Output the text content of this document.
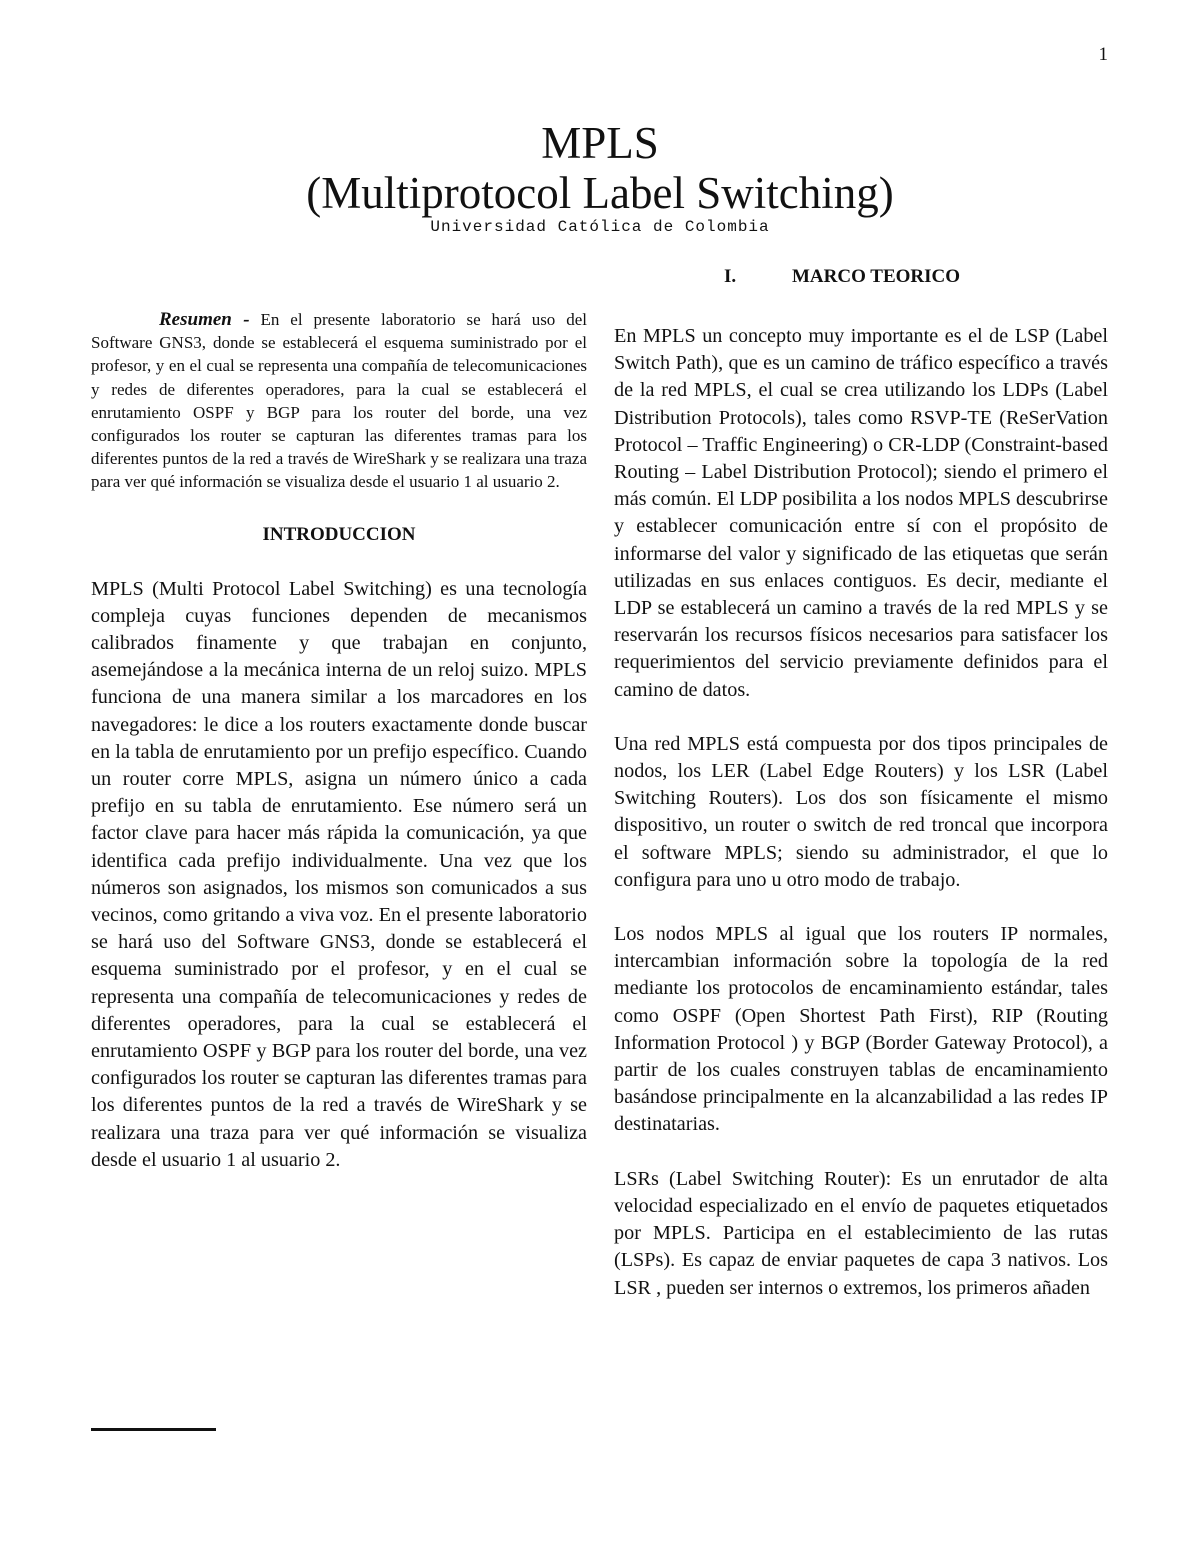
1
MPLS
(Multiprotocol Label Switching)
Universidad Católica de Colombia

Resumen - En el presente laboratorio se hará uso del Software GNS3, donde se establecerá el esquema suministrado por el profesor, y en el cual se representa una compañía de telecomunicaciones y redes de diferentes operadores, para la cual se establecerá el enrutamiento OSPF y BGP para los router del borde, una vez configurados los router se capturan las diferentes tramas para los diferentes puntos de la red a través de WireShark y se realizara una traza para ver qué información se visualiza desde el usuario 1 al usuario 2.

INTRODUCCION

MPLS (Multi Protocol Label Switching) es una tecnología compleja cuyas funciones dependen de mecanismos calibrados finamente y que trabajan en conjunto, asemejándose a la mecánica interna de un reloj suizo. MPLS funciona de una manera similar a los marcadores en los navegadores: le dice a los routers exactamente donde buscar en la tabla de enrutamiento por un prefijo específico. Cuando un router corre MPLS, asigna un número único a cada prefijo en su tabla de enrutamiento. Ese número será un factor clave para hacer más rápida la comunicación, ya que identifica cada prefijo individualmente. Una vez que los números son asignados, los mismos son comunicados a sus vecinos, como gritando a viva voz. En el presente laboratorio se hará uso del Software GNS3, donde se establecerá el esquema suministrado por el profesor, y en el cual se representa una compañía de telecomunicaciones y redes de diferentes operadores, para la cual se establecerá el enrutamiento OSPF y BGP para los router del borde, una vez configurados los router se capturan las diferentes tramas para los diferentes puntos de la red a través de WireShark y se realizara una traza para ver qué información se visualiza desde el usuario 1 al usuario 2.

I.	MARCO TEORICO

En MPLS un concepto muy importante es el de LSP (Label Switch Path), que es un camino de tráfico específico a través de la red MPLS, el cual se crea utilizando los LDPs (Label Distribution Protocols), tales como RSVP-TE (ReSerVation Protocol – Traffic Engineering) o CR-LDP (Constraint-based Routing – Label Distribution Protocol); siendo el primero el más común. El LDP posibilita a los nodos MPLS descubrirse y establecer comunicación entre sí con el propósito de informarse del valor y significado de las etiquetas que serán utilizadas en sus enlaces contiguos. Es decir, mediante el LDP se establecerá un camino a través de la red MPLS y se reservarán los recursos físicos necesarios para satisfacer los requerimientos del servicio previamente definidos para el camino de datos.

Una red MPLS está compuesta por dos tipos principales de nodos, los LER (Label Edge Routers) y los LSR (Label Switching Routers). Los dos son físicamente el mismo dispositivo, un router o switch de red troncal que incorpora el software MPLS; siendo su administrador, el que lo configura para uno u otro modo de trabajo.

Los nodos MPLS al igual que los routers IP normales, intercambian información sobre la topología de la red mediante los protocolos de encaminamiento estándar, tales como OSPF (Open Shortest Path First), RIP (Routing Information Protocol ) y BGP (Border Gateway Protocol), a partir de los cuales construyen tablas de encaminamiento basándose principalmente en la alcanzabilidad a las redes IP destinatarias.

LSRs (Label Switching Router): Es un enrutador de alta velocidad especializado en el envío de paquetes etiquetados por MPLS. Participa en el establecimiento de las rutas (LSPs). Es capaz de enviar paquetes de capa 3 nativos. Los LSR , pueden ser internos o extremos, los primeros añaden
